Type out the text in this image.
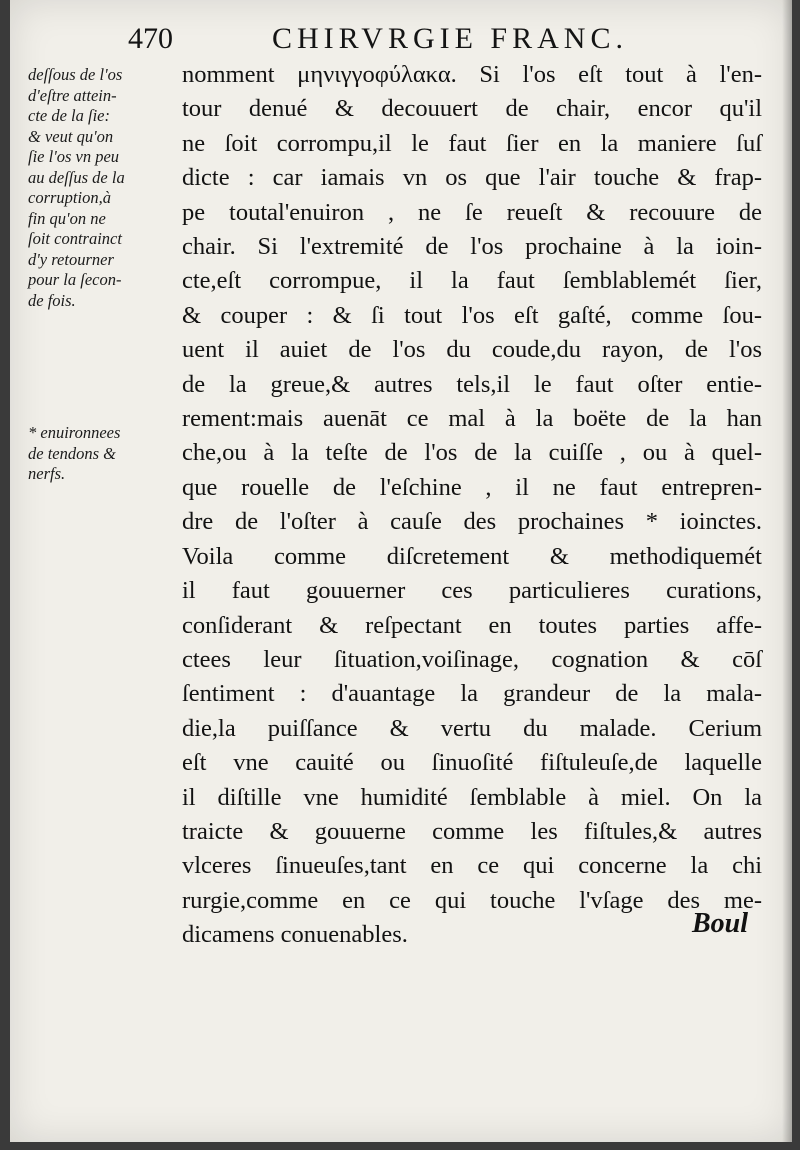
470	CHIRVRGIE FRANC.

deſſous de l'os

d'eſtre attein-

cte de la ſie:

& veut qu'on

ſie l'os vn peu

au deſſus de la

corruption,à

fin qu'on ne

ſoit contrainct

d'y retourner

pour la ſecon-

de fois.

* enuironnees

de tendons &

nerfs.

nomment μηνιγγοφύλακα. Si l'os eſt tout à l'en-

tour denué & decouuert de chair, encor qu'il

ne ſoit corrompu,il le faut ſier en la maniere ſuſ

dicte : car iamais vn os que l'air touche & frap-

pe toutal'enuiron , ne ſe reueſt & recouure de

chair. Si l'extremité de l'os prochaine à la ioin-

cte,eſt corrompue, il la faut ſemblablemét ſier,

& couper : & ſi tout l'os eſt gaſté, comme ſou-

uent il auiet de l'os du coude,du rayon, de l'os

de la greue,& autres tels,il le faut oſter entie-

rement:mais auenāt ce mal à la boëte de la han

che,ou à la teſte de l'os de la cuiſſe , ou à quel-

que rouelle de l'eſchine , il ne faut entrepren-

dre de l'oſter à cauſe des prochaines * ioinctes.

Voila comme diſcretement & methodiquemét

il faut gouuerner ces particulieres curations,

conſiderant & reſpectant en toutes parties affe-

ctees leur ſituation,voiſinage, cognation & cōſ

ſentiment : d'auantage la grandeur de la mala-

die,la puiſſance & vertu du malade. Cerium

eſt vne cauité ou ſinuoſité fiſtuleuſe,de laquelle

il diſtille vne humidité ſemblable à miel. On la

traicte & gouuerne comme les fiſtules,& autres

vlceres ſinueuſes,tant en ce qui concerne la chi

rurgie,comme en ce qui touche l'vſage des me-

dicamens conuenables.	Boul
